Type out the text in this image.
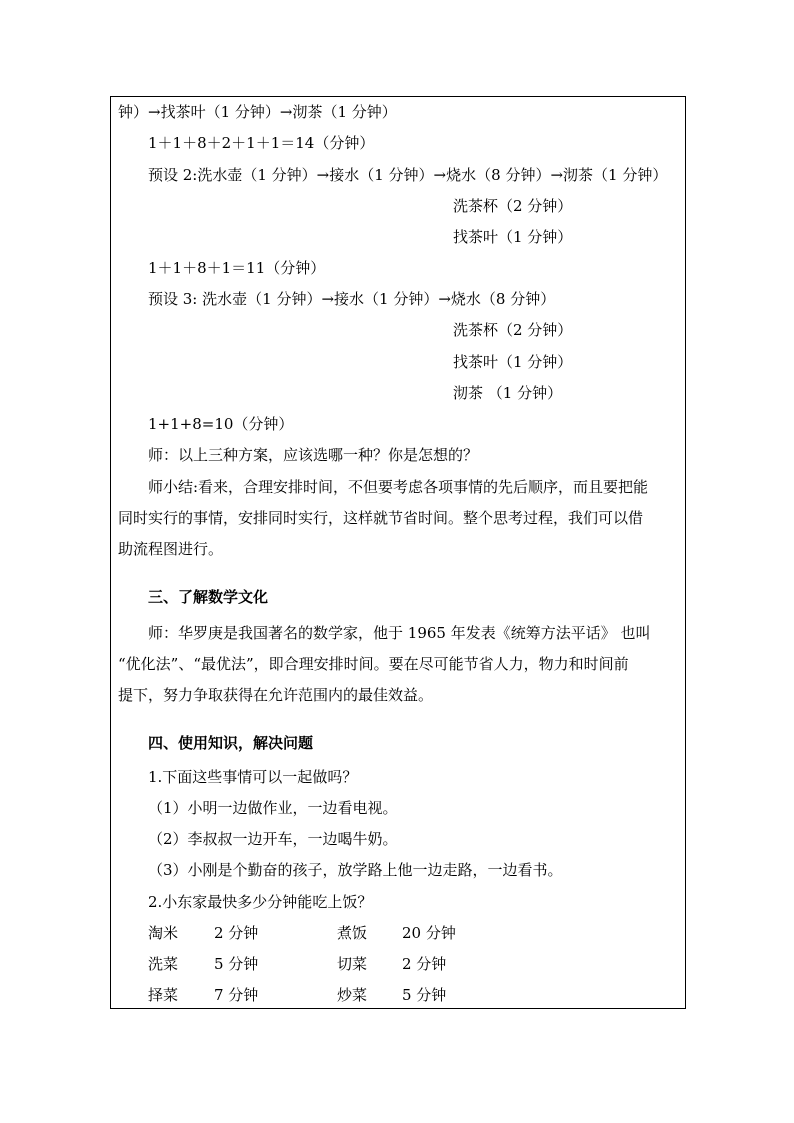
钟）→找茶叶（1 分钟）→沏茶（1 分钟）
1＋1＋8＋2＋1＋1＝14（分钟）
预设 2:洗水壶（1 分钟）→接水（1 分钟）→烧水（8 分钟）→沏茶（1 分钟）
洗茶杯（2 分钟）
找茶叶（1 分钟）
1＋1＋8＋1＝11（分钟）
预设 3: 洗水壶（1 分钟）→接水（1 分钟）→烧水（8 分钟）
洗茶杯（2 分钟）
找茶叶（1 分钟）
沏茶 （1 分钟）
1+1+8=10（分钟）
师：以上三种方案，应该选哪一种？你是怎想的？
师小结:看来，合理安排时间，不但要考虑各项事情的先后顺序，而且要把能
同时实行的事情，安排同时实行，这样就节省时间。整个思考过程，我们可以借
助流程图进行。
三、了解数学文化
师：华罗庚是我国著名的数学家，他于 1965 年发表《统筹方法平话》 也叫
“优化法”、“最优法”，即合理安排时间。要在尽可能节省人力，物力和时间前
提下，努力争取获得在允许范围内的最佳效益。
四、使用知识，解决问题
1.下面这些事情可以一起做吗？
（1）小明一边做作业，一边看电视。
（2）李叔叔一边开车，一边喝牛奶。
（3）小刚是个勤奋的孩子，放学路上他一边走路，一边看书。
2.小东家最快多少分钟能吃上饭？
淘米 2 分钟	煮饭 20 分钟
洗菜 5 分钟	切菜 2 分钟
择菜 7 分钟	炒菜 5 分钟
